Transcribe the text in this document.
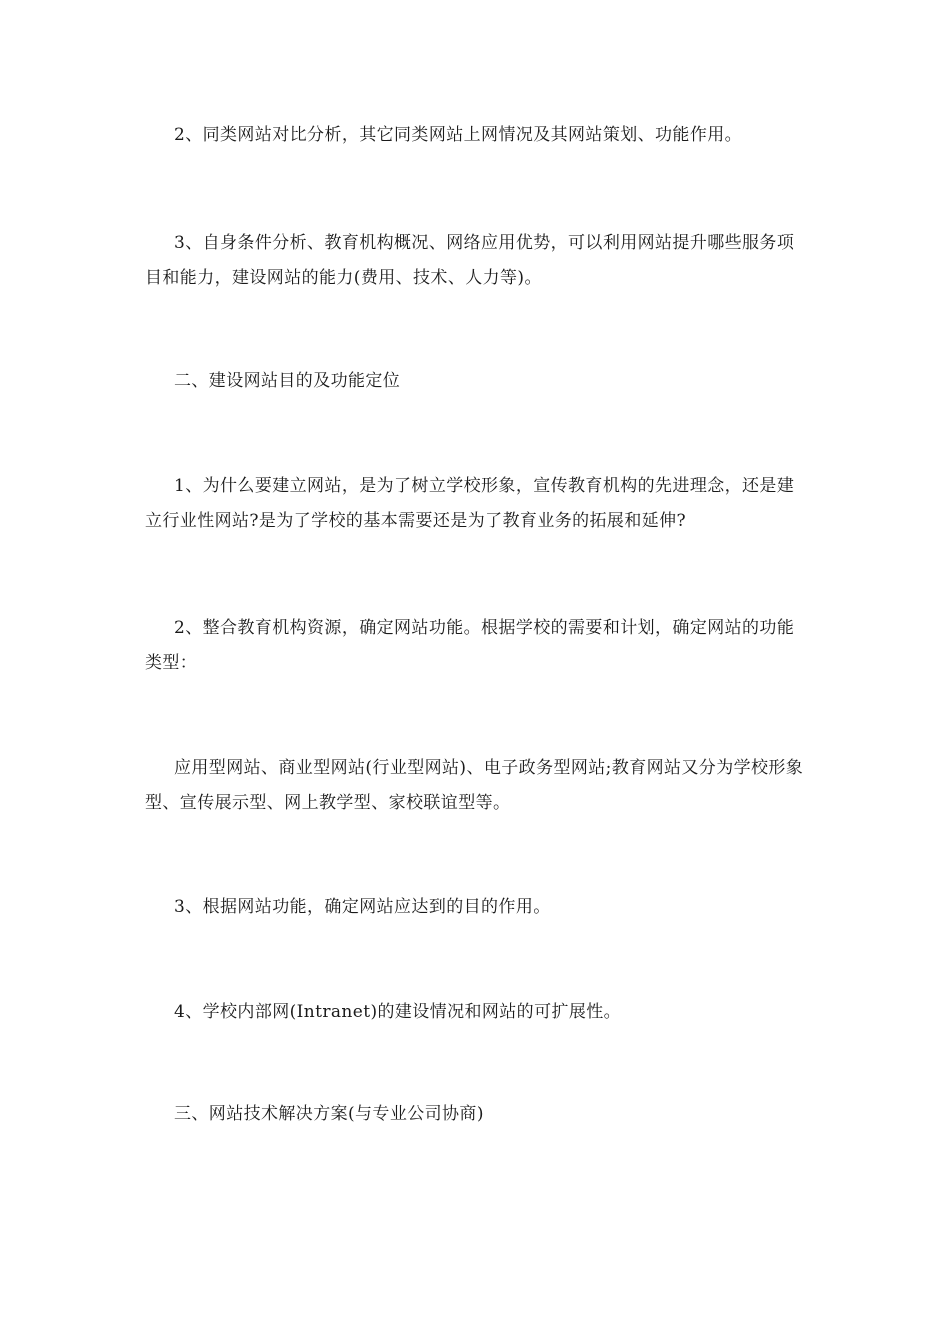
2、同类网站对比分析，其它同类网站上网情况及其网站策划、功能作用。

3、自身条件分析、教育机构概况、网络应用优势，可以利用网站提升哪些服务项目和能力，建设网站的能力(费用、技术、人力等)。

二、建设网站目的及功能定位

1、为什么要建立网站，是为了树立学校形象，宣传教育机构的先进理念，还是建立行业性网站?是为了学校的基本需要还是为了教育业务的拓展和延伸?

2、整合教育机构资源，确定网站功能。根据学校的需要和计划，确定网站的功能类型：

应用型网站、商业型网站(行业型网站)、电子政务型网站;教育网站又分为学校形象型、宣传展示型、网上教学型、家校联谊型等。

3、根据网站功能，确定网站应达到的目的作用。

4、学校内部网(Intranet)的建设情况和网站的可扩展性。

三、网站技术解决方案(与专业公司协商)
